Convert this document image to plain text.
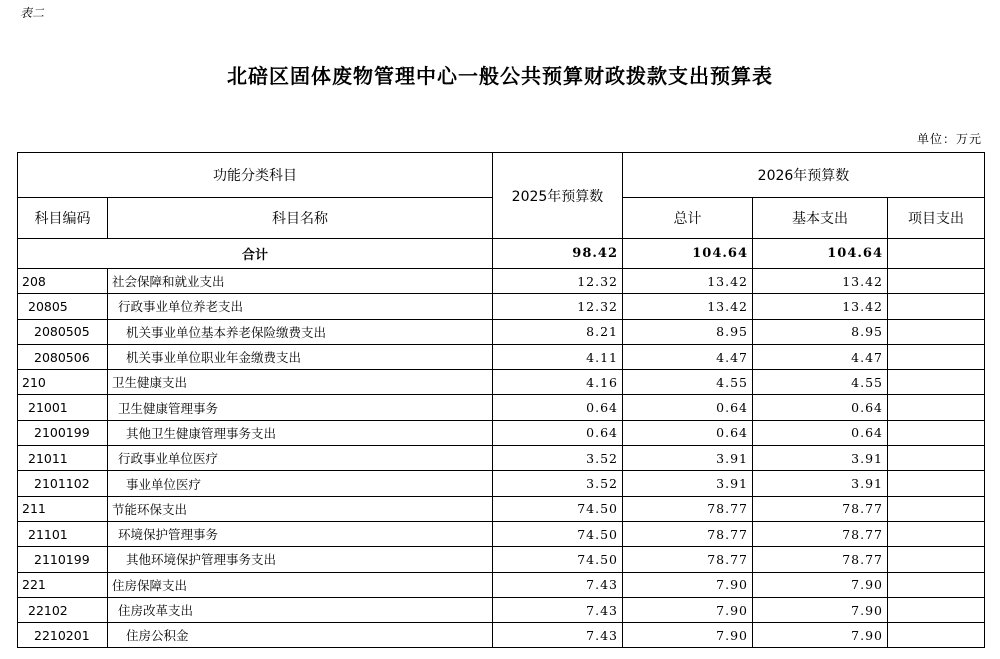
表二
北碚区固体废物管理中心一般公共预算财政拨款支出预算表
单位：万元
功能分类科目		2025年预算数	2026年预算数		
科目编码	科目名称		总计	基本支出	项目支出
合计		98.42	104.64	104.64	
208	社会保障和就业支出	12.32	13.42	13.42	
20805	行政事业单位养老支出	12.32	13.42	13.42	
2080505	机关事业单位基本养老保险缴费支出	8.21	8.95	8.95	
2080506	机关事业单位职业年金缴费支出	4.11	4.47	4.47	
210	卫生健康支出	4.16	4.55	4.55	
21001	卫生健康管理事务	0.64	0.64	0.64	
2100199	其他卫生健康管理事务支出	0.64	0.64	0.64	
21011	行政事业单位医疗	3.52	3.91	3.91	
2101102	事业单位医疗	3.52	3.91	3.91	
211	节能环保支出	74.50	78.77	78.77	
21101	环境保护管理事务	74.50	78.77	78.77	
2110199	其他环境保护管理事务支出	74.50	78.77	78.77	
221	住房保障支出	7.43	7.90	7.90	
22102	住房改革支出	7.43	7.90	7.90	
2210201	住房公积金	7.43	7.90	7.90	
